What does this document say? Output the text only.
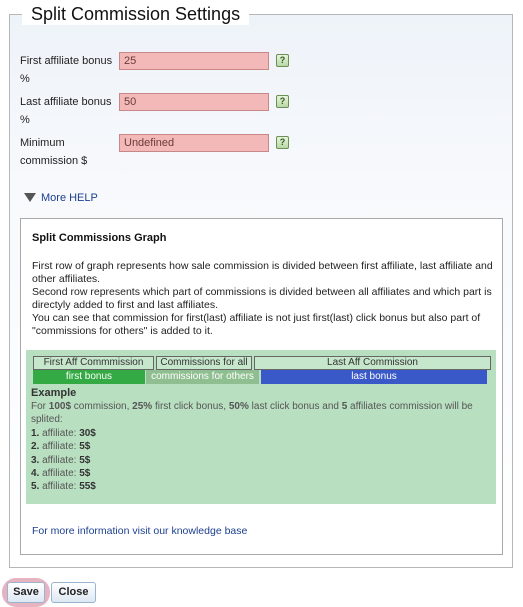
Split Commission Settings
First affiliate bonus
%
25
?
Last affiliate bonus
%
50
?
Minimum
commission $
Undefined
?
More HELP
Split Commissions Graph
First row of graph represents how sale commission is divided between first affiliate, last affiliate and other affiliates.
Second row represents which part of commissions is divided between all affiliates and which part is directyly added to first and last affiliates.
You can see that commission for first(last) affiliate is not just first(last) click bonus but also part of "commissions for others" is added to it.
First Aff Commmission	Commissions for all	Last Aff Commission
first bonus	commissions for others	last bonus
Example
For 100$ commission, 25% first click bonus, 50% last click bonus and 5 affiliates commission will be splited:
1. affiliate: 30$
2. affiliate: 5$
3. affiliate: 5$
4. affiliate: 5$
5. affiliate: 55$
For more information visit our knowledge base
Save	Close
